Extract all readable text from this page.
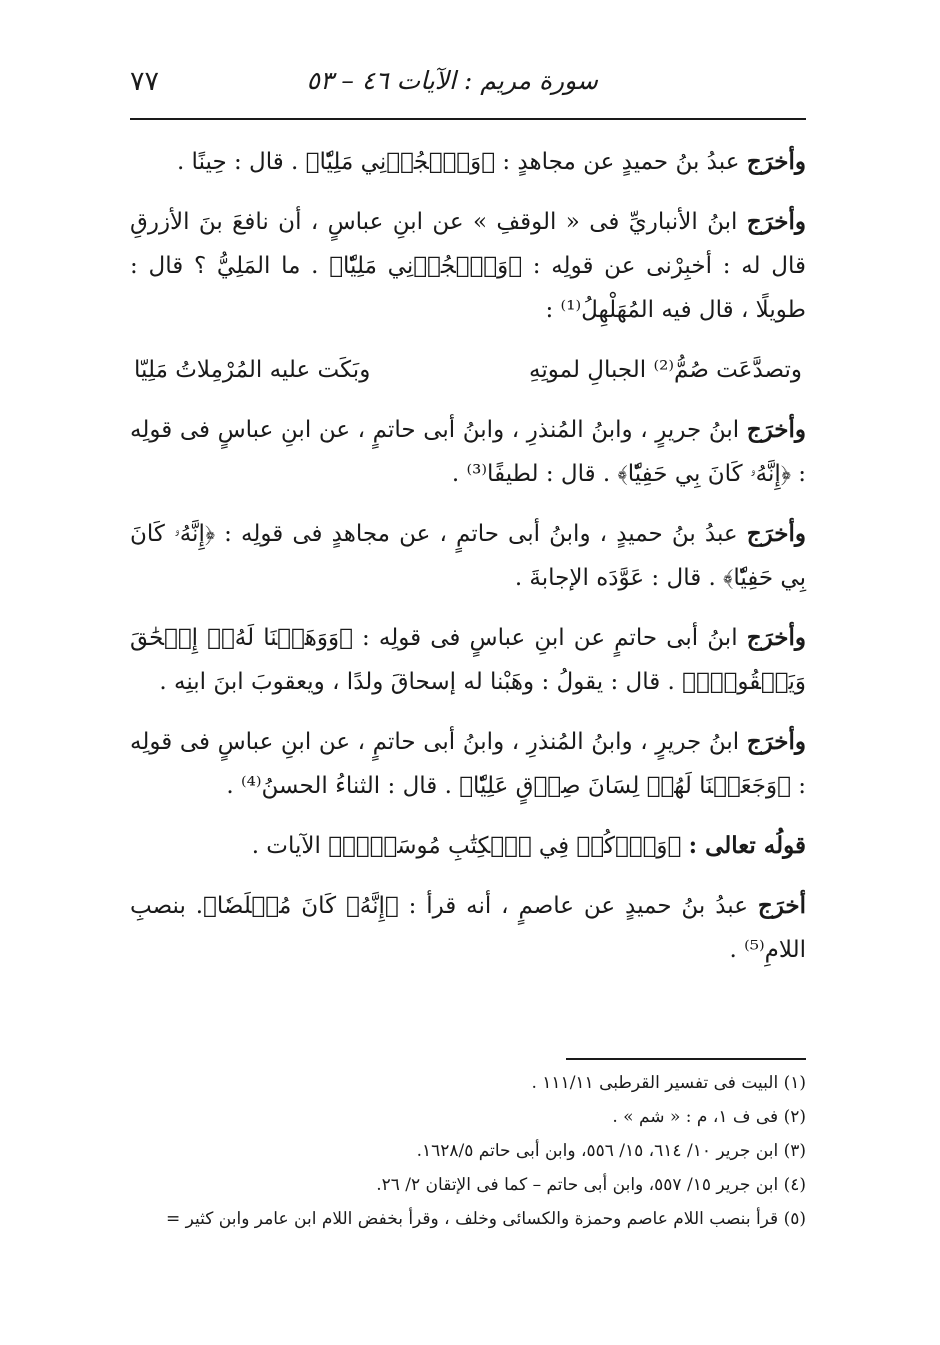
٧٧	سورة مريم : الآيات ٤٦ – ٥٣

وأخرَج عبدُ بنُ حميدٍ عن مجاهدٍ : ﴿وَٱهۡجُرۡنِي مَلِيّٗا﴾ . قال : حِينًا .

وأخرَج ابنُ الأنباريِّ فى « الوقفِ » عن ابنِ عباسٍ ، أن نافعَ بنَ الأزرقِ قال له : أخبِرْنى عن قولِه : ﴿وَٱهۡجُرۡنِي مَلِيّٗا﴾ . ما المَلِيُّ ؟ قال : طويلًا ، قال فيه المُهَلْهِلُ⁽¹⁾ :

وتصدَّعَت صُمُّ⁽²⁾ الجبالِ لموتِهِ
وبَكَت عليه المُرْمِلاتُ مَلِيّا

وأخرَج ابنُ جريرٍ ، وابنُ المُنذرِ ، وابنُ أبى حاتمٍ ، عن ابنِ عباسٍ فى قولِه : ﴿إِنَّهُۥ كَانَ بِي حَفِيّٗا﴾ . قال : لطيفًا⁽³⁾ .

وأخرَج عبدُ بنُ حميدٍ ، وابنُ أبى حاتمٍ ، عن مجاهدٍ فى قولِه : ﴿إِنَّهُۥ كَانَ بِي حَفِيّٗا﴾ . قال : عَوَّدَه الإجابةَ .

وأخرَج ابنُ أبى حاتمٍ عن ابنِ عباسٍ فى قولِه : ﴿وَوَهَبۡنَا لَهُۥٓ إِسۡحَٰقَ وَيَعۡقُوبَۖ﴾ . قال : يقولُ : وهَبْنا له إسحاقَ ولدًا ، ويعقوبَ ابنَ ابنِه .

وأخرَج ابنُ جريرٍ ، وابنُ المُنذرِ ، وابنُ أبى حاتمٍ ، عن ابنِ عباسٍ فى قولِه : ﴿وَجَعَلۡنَا لَهُمۡ لِسَانَ صِدۡقٍ عَلِيّٗا﴾ . قال : الثناءُ الحسنُ⁽⁴⁾ .

قولُه تعالى : ﴿وَٱذۡكُرۡ فِي ٱلۡكِتَٰبِ مُوسَىٰٓۚ﴾ الآيات .

أخرَج عبدُ بنُ حميدٍ عن عاصمٍ ، أنه قرأ : ﴿إِنَّهُۥ كَانَ مُخۡلَصٗا﴾. بنصبِ اللامِ⁽⁵⁾ .

(١) البيت فى تفسير القرطبى ١١١/١١ .

(٢) فى ف ١، م : « شم » .

(٣) ابن جرير ١٠/ ٦١٤، ١٥/ ٥٥٦، وابن أبى حاتم ١٦٢٨/٥.

(٤) ابن جرير ١٥/ ٥٥٧، وابن أبى حاتم – كما فى الإتقان ٢/ ٢٦.

(٥) قرأ بنصب اللام عاصم وحمزة والكسائى وخلف ، وقرأ بخفض اللام ابن عامر وابن كثير =
